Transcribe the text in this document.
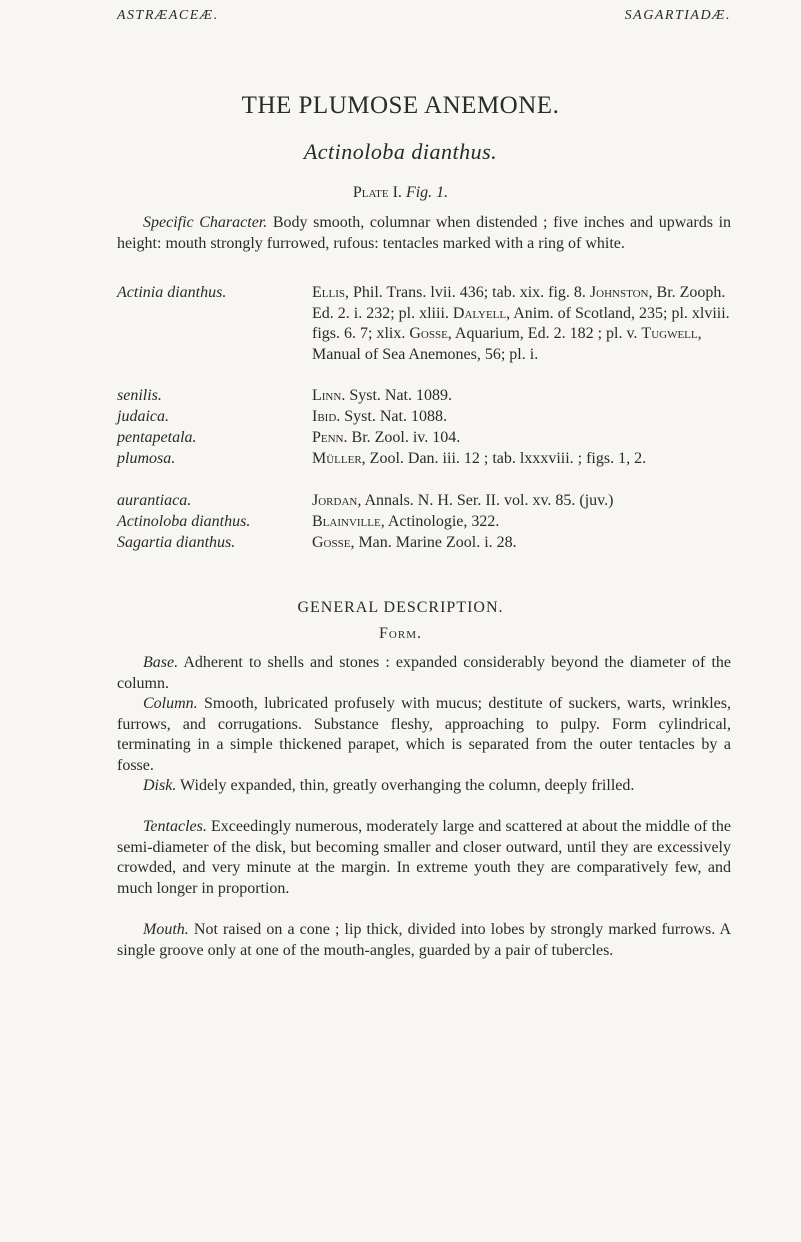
ASTRÆACEÆ.	SAGARTIADÆ.
THE PLUMOSE ANEMONE.
Actinoloba dianthus.
Plate I. Fig. 1.
Specific Character. Body smooth, columnar when distended ; five inches and upwards in height: mouth strongly furrowed, rufous: tentacles marked with a ring of white.
Actinia dianthus.	Ellis, Phil. Trans. lvii. 436; tab. xix. fig. 8. Johnston, Br. Zooph. Ed. 2. i. 232; pl. xliii. Dalyell, Anim. of Scotland, 235; pl. xlviii. figs. 6. 7; xlix. Gosse, Aquarium, Ed. 2. 182 ; pl. v. Tugwell, Manual of Sea Anemones, 56; pl. i.
senilis.	Linn. Syst. Nat. 1089.
judaica.	Ibid. Syst. Nat. 1088.
pentapetala.	Penn. Br. Zool. iv. 104.
plumosa.	Müller, Zool. Dan. iii. 12 ; tab. lxxxviii. ; figs. 1, 2.
aurantiaca.	Jordan, Annals. N. H. Ser. II. vol. xv. 85. (juv.)
Actinoloba dianthus.	Blainville, Actinologie, 322.
Sagartia dianthus.	Gosse, Man. Marine Zool. i. 28.
GENERAL DESCRIPTION.
Form.
Base. Adherent to shells and stones : expanded considerably beyond the diameter of the column.
Column. Smooth, lubricated profusely with mucus; destitute of suckers, warts, wrinkles, furrows, and corrugations. Substance fleshy, approaching to pulpy. Form cylindrical, terminating in a simple thickened parapet, which is separated from the outer tentacles by a fosse.
Disk. Widely expanded, thin, greatly overhanging the column, deeply frilled.
Tentacles. Exceedingly numerous, moderately large and scattered at about the middle of the semi-diameter of the disk, but becoming smaller and closer outward, until they are excessively crowded, and very minute at the margin. In extreme youth they are comparatively few, and much longer in proportion.
Mouth. Not raised on a cone ; lip thick, divided into lobes by strongly marked furrows. A single groove only at one of the mouth-angles, guarded by a pair of tubercles.
